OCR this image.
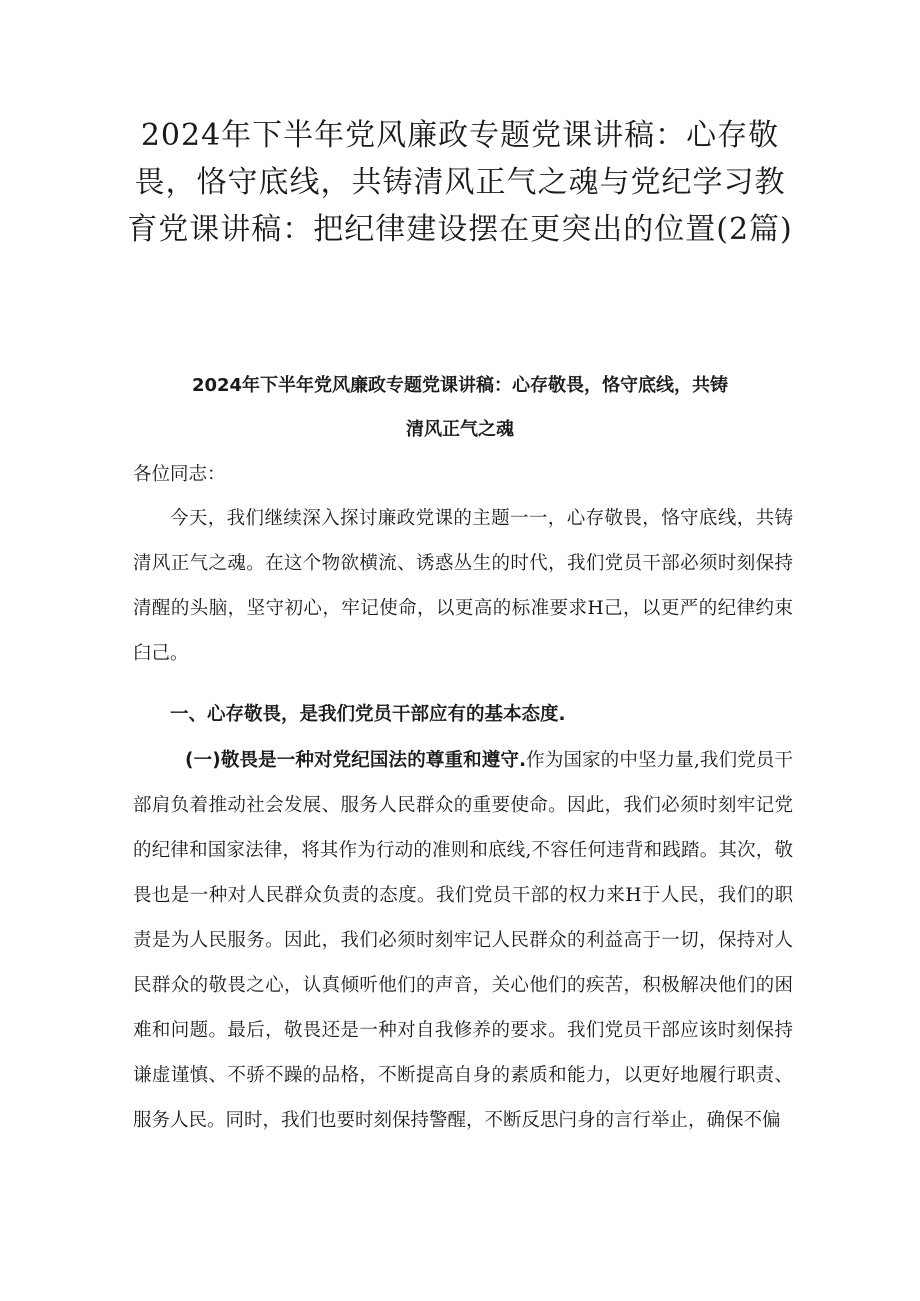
2024年下半年党风廉政专题党课讲稿：心存敬畏，恪守底线，共铸清风正气之魂与党纪学习教育党课讲稿：把纪律建设摆在更突出的位置(2篇)
2024年下半年党风廉政专题党课讲稿：心存敬畏，恪守底线，共铸
清风正气之魂

各位同志：

今天，我们继续深入探讨廉政党课的主题一一，心存敬畏，恪守底线，共铸清风正气之魂。在这个物欲横流、诱惑丛生的时代，我们党员干部必须时刻保持清醒的头脑，坚守初心，牢记使命，以更高的标准要求H己，以更严的纪律约束臼己。

一、心存敬畏，是我们党员干部应有的基本态度.

(一)敬畏是一种对党纪国法的尊重和遵守.作为国家的中坚力量,我们党员干部肩负着推动社会发展、服务人民群众的重要使命。因此，我们必须时刻牢记党的纪律和国家法律，将其作为行动的准则和底线,不容任何违背和践踏。其次，敬畏也是一种对人民群众负责的态度。我们党员干部的权力来H于人民，我们的职责是为人民服务。因此，我们必须时刻牢记人民群众的利益高于一切，保持对人民群众的敬畏之心，认真倾听他们的声音，关心他们的疾苦，积极解决他们的困难和问题。最后，敬畏还是一种对自我修养的要求。我们党员干部应该时刻保持谦虚谨慎、不骄不躁的品格，不断提高自身的素质和能力，以更好地履行职责、服务人民。同时，我们也要时刻保持警醒，不断反思闩身的言行举止，确保不偏
